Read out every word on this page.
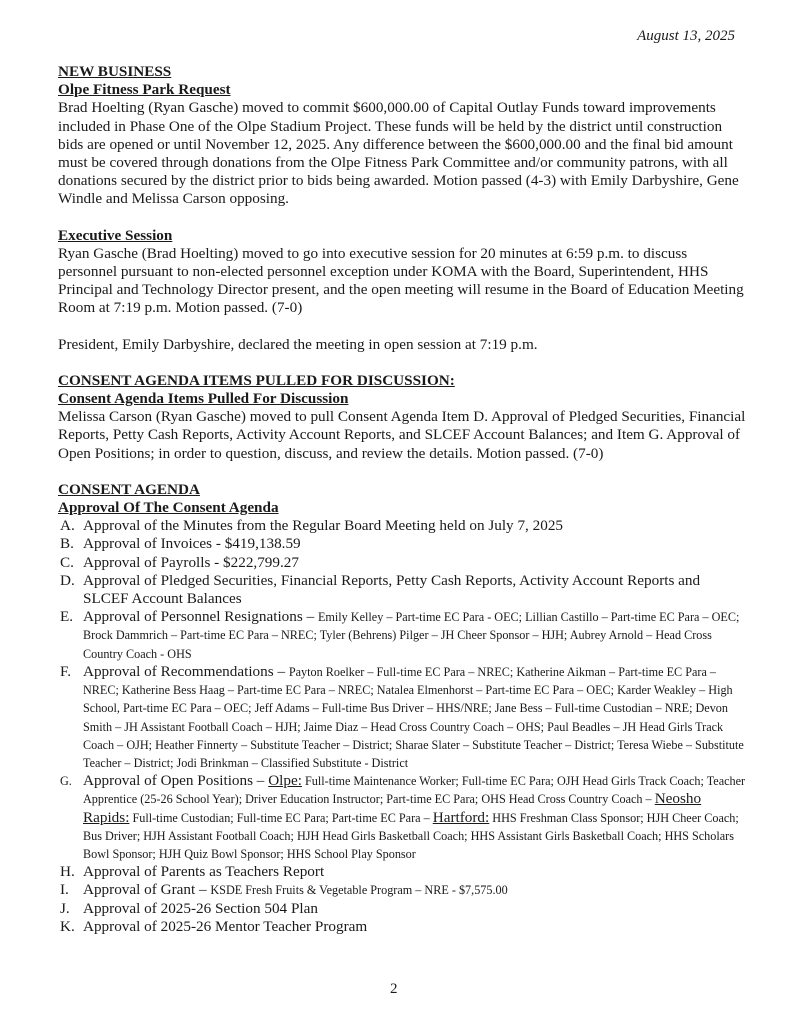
August 13, 2025
NEW BUSINESS
Olpe Fitness Park Request

Brad Hoelting (Ryan Gasche) moved to commit $600,000.00 of Capital Outlay Funds toward improvements included in Phase One of the Olpe Stadium Project. These funds will be held by the district until construction bids are opened or until November 12, 2025. Any difference between the $600,000.00 and the final bid amount must be covered through donations from the Olpe Fitness Park Committee and/or community patrons, with all donations secured by the district prior to bids being awarded. Motion passed (4-3) with Emily Darbyshire, Gene Windle and Melissa Carson opposing.

Executive Session

Ryan Gasche (Brad Hoelting) moved to go into executive session for 20 minutes at 6:59 p.m. to discuss personnel pursuant to non-elected personnel exception under KOMA with the Board, Superintendent, HHS Principal and Technology Director present, and the open meeting will resume in the Board of Education Meeting Room at 7:19 p.m. Motion passed. (7-0)

President, Emily Darbyshire, declared the meeting in open session at 7:19 p.m.

CONSENT AGENDA ITEMS PULLED FOR DISCUSSION:
Consent Agenda Items Pulled For Discussion

Melissa Carson (Ryan Gasche) moved to pull Consent Agenda Item D. Approval of Pledged Securities, Financial Reports, Petty Cash Reports, Activity Account Reports, and SLCEF Account Balances; and Item G. Approval of Open Positions; in order to question, discuss, and review the details. Motion passed. (7-0)

CONSENT AGENDA
Approval Of The Consent Agenda
A. Approval of the Minutes from the Regular Board Meeting held on July 7, 2025
B. Approval of Invoices - $419,138.59
C. Approval of Payrolls - $222,799.27
D. Approval of Pledged Securities, Financial Reports, Petty Cash Reports, Activity Account Reports and SLCEF Account Balances
E. Approval of Personnel Resignations – Emily Kelley – Part-time EC Para - OEC; Lillian Castillo – Part-time EC Para – OEC; Brock Dammrich – Part-time EC Para – NREC; Tyler (Behrens) Pilger – JH Cheer Sponsor – HJH; Aubrey Arnold – Head Cross Country Coach - OHS
F. Approval of Recommendations – Payton Roelker – Full-time EC Para – NREC; Katherine Aikman – Part-time EC Para – NREC; Katherine Bess Haag – Part-time EC Para – NREC; Natalea Elmenhorst – Part-time EC Para – OEC; Karder Weakley – High School, Part-time EC Para – OEC; Jeff Adams – Full-time Bus Driver – HHS/NRE; Jane Bess – Full-time Custodian – NRE; Devon Smith – JH Assistant Football Coach – HJH; Jaime Diaz – Head Cross Country Coach – OHS; Paul Beadles – JH Head Girls Track Coach – OJH; Heather Finnerty – Substitute Teacher – District; Sharae Slater – Substitute Teacher – District; Teresa Wiebe – Substitute Teacher – District; Jodi Brinkman – Classified Substitute - District
G. Approval of Open Positions – Olpe: Full-time Maintenance Worker; Full-time EC Para; OJH Head Girls Track Coach; Teacher Apprentice (25-26 School Year); Driver Education Instructor; Part-time EC Para; OHS Head Cross Country Coach – Neosho Rapids: Full-time Custodian; Full-time EC Para; Part-time EC Para – Hartford: HHS Freshman Class Sponsor; HJH Cheer Coach; Bus Driver; HJH Assistant Football Coach; HJH Head Girls Basketball Coach; HHS Assistant Girls Basketball Coach; HHS Scholars Bowl Sponsor; HJH Quiz Bowl Sponsor; HHS School Play Sponsor
H. Approval of Parents as Teachers Report
I. Approval of Grant – KSDE Fresh Fruits & Vegetable Program – NRE - $7,575.00
J. Approval of 2025-26 Section 504 Plan
K. Approval of 2025-26 Mentor Teacher Program
2
